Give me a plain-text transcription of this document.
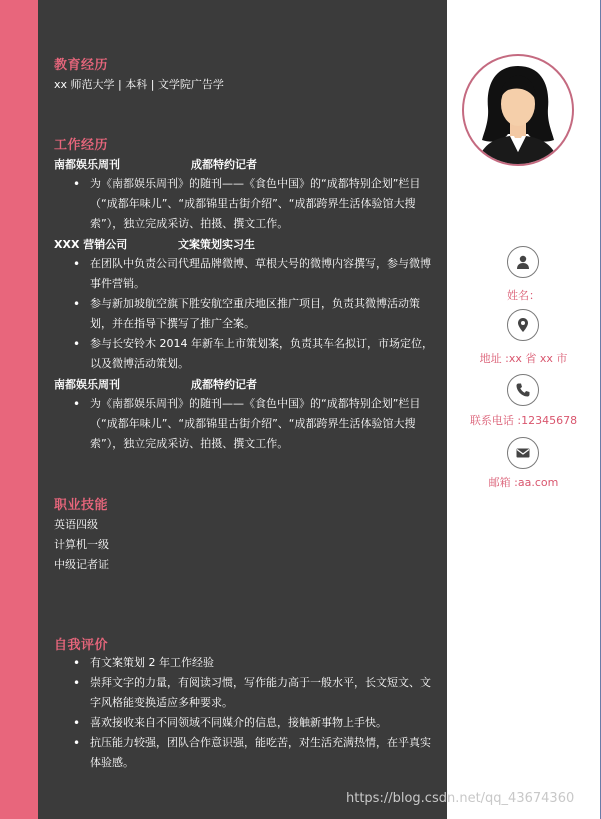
教育经历
xx 师范大学 | 本科 | 文学院广告学
工作经历
南都娱乐周刊	成都特约记者
• 为《南都娱乐周刊》的随刊——《食色中国》的“成都特别企划”栏目（“成都年味儿”、“成都锦里古街介绍”、“成都跨界生活体验馆大搜索”），独立完成采访、拍摄、撰文工作。
XXX 营销公司	文案策划实习生
• 在团队中负责公司代理品牌微博、草根大号的微博内容撰写，参与微博事件营销。
• 参与新加坡航空旗下胜安航空重庆地区推广项目，负责其微博活动策划，并在指导下撰写了推广全案。
• 参与长安铃木 2014 年新车上市策划案，负责其车名拟订，市场定位，以及微博活动策划。
南都娱乐周刊	成都特约记者
• 为《南都娱乐周刊》的随刊——《食色中国》的“成都特别企划”栏目（“成都年味儿”、“成都锦里古街介绍”、“成都跨界生活体验馆大搜索”），独立完成采访、拍摄、撰文工作。
职业技能
英语四级
计算机一级
中级记者证
自我评价
• 有文案策划 2 年工作经验
• 崇拜文字的力量，有阅读习惯，写作能力高于一般水平，长文短文、文字风格能变换适应多种要求。
• 喜欢接收来自不同领域不同媒介的信息，接触新事物上手快。
• 抗压能力较强，团队合作意识强，能吃苦，对生活充满热情，在乎真实体验感。
姓名：
地址 :xx 省 xx 市
联系电话 :12345678
邮箱 :aa.com
https://blog.csdn.net/qq_43674360
